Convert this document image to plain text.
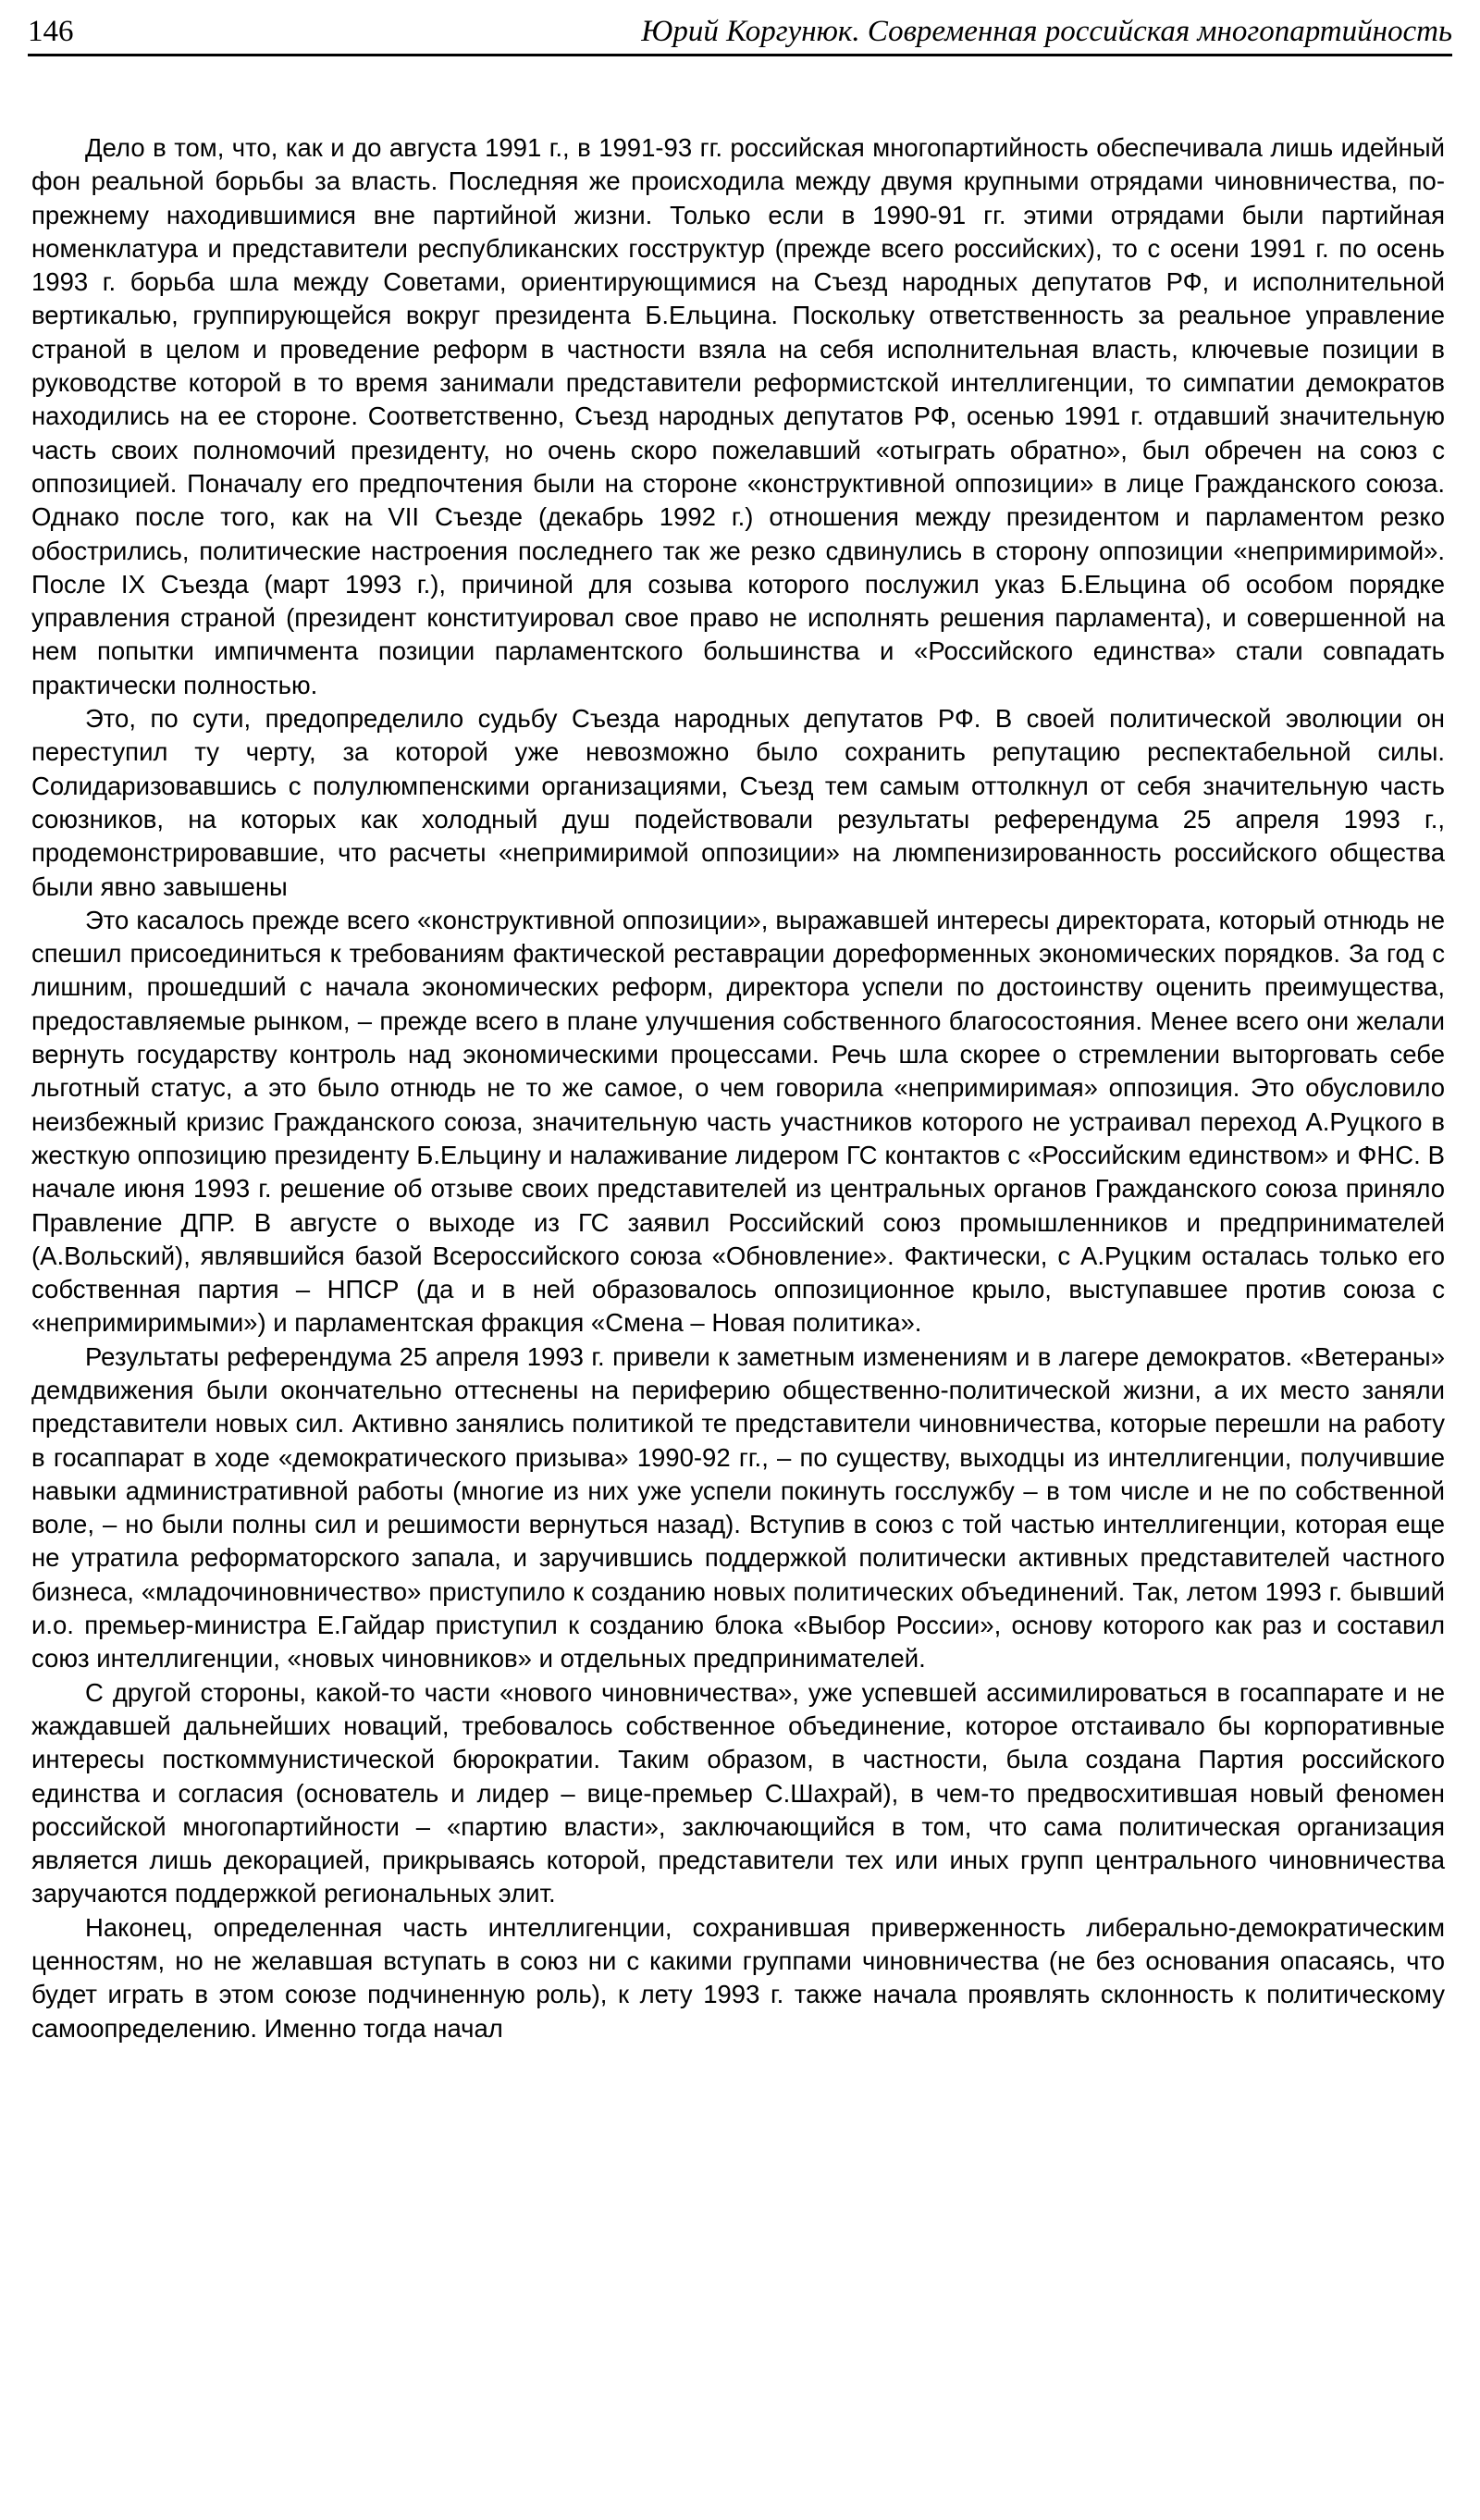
146	Юрий Коргунюк. Современная российская многопартийность

Дело в том, что, как и до августа 1991 г., в 1991-93 гг. российская многопартийность обеспечивала лишь идейный фон реальной борьбы за власть. Последняя же происходила между двумя крупными отрядами чиновничества, по-прежнему находившимися вне партийной жизни. Только если в 1990-91 гг. этими отрядами были партийная номенклатура и представители республиканских госструктур (прежде всего российских), то с осени 1991 г. по осень 1993 г. борьба шла между Советами, ориентирующимися на Съезд народных депутатов РФ, и исполнительной вертикалью, группирующейся вокруг президента Б.Ельцина. Поскольку ответственность за реальное управление страной в целом и проведение реформ в частности взяла на себя исполнительная власть, ключевые позиции в руководстве которой в то время занимали представители реформистской интеллигенции, то симпатии демократов находились на ее стороне. Соответственно, Съезд народных депутатов РФ, осенью 1991 г. отдавший значительную часть своих полномочий президенту, но очень скоро пожелавший «отыграть обратно», был обречен на союз с оппозицией. Поначалу его предпочтения были на стороне «конструктивной оппозиции» в лице Гражданского союза. Однако после того, как на VII Съезде (декабрь 1992 г.) отношения между президентом и парламентом резко обострились, политические настроения последнего так же резко сдвинулись в сторону оппозиции «непримиримой». После IX Съезда (март 1993 г.), причиной для созыва которого послужил указ Б.Ельцина об особом порядке управления страной (президент конституировал свое право не исполнять решения парламента), и совершенной на нем попытки импичмента позиции парламентского большинства и «Российского единства» стали совпадать практически полностью.

Это, по сути, предопределило судьбу Съезда народных депутатов РФ. В своей политической эволюции он переступил ту черту, за которой уже невозможно было сохранить репутацию респектабельной силы. Солидаризовавшись с полулюмпенскими организациями, Съезд тем самым оттолкнул от себя значительную часть союзников, на которых как холодный душ подействовали результаты референдума 25 апреля 1993 г., продемонстрировавшие, что расчеты «непримиримой оппозиции» на люмпенизированность российского общества были явно завышены

Это касалось прежде всего «конструктивной оппозиции», выражавшей интересы директората, который отнюдь не спешил присоединиться к требованиям фактической реставрации дореформенных экономических порядков. За год с лишним, прошедший с начала экономических реформ, директора успели по достоинству оценить преимущества, предоставляемые рынком, – прежде всего в плане улучшения собственного благосостояния. Менее всего они желали вернуть государству контроль над экономическими процессами. Речь шла скорее о стремлении выторговать себе льготный статус, а это было отнюдь не то же самое, о чем говорила «непримиримая» оппозиция. Это обусловило неизбежный кризис Гражданского союза, значительную часть участников которого не устраивал переход А.Руцкого в жесткую оппозицию президенту Б.Ельцину и налаживание лидером ГС контактов с «Российским единством» и ФНС. В начале июня 1993 г. решение об отзыве своих представителей из центральных органов Гражданского союза приняло Правление ДПР. В августе о выходе из ГС заявил Российский союз промышленников и предпринимателей (А.Вольский), являвшийся базой Всероссийского союза «Обновление». Фактически, с А.Руцким осталась только его собственная партия – НПСР (да и в ней образовалось оппозиционное крыло, выступавшее против союза с «непримиримыми») и парламентская фракция «Смена – Новая политика».

Результаты референдума 25 апреля 1993 г. привели к заметным изменениям и в лагере демократов. «Ветераны» демдвижения были окончательно оттеснены на периферию общественно-политической жизни, а их место заняли представители новых сил. Активно занялись политикой те представители чиновничества, которые перешли на работу в госаппарат в ходе «демократического призыва» 1990-92 гг., – по существу, выходцы из интеллигенции, получившие навыки административной работы (многие из них уже успели покинуть госслужбу – в том числе и не по собственной воле, – но были полны сил и решимости вернуться назад). Вступив в союз с той частью интеллигенции, которая еще не утратила реформаторского запала, и заручившись поддержкой политически активных представителей частного бизнеса, «младочиновничество» приступило к созданию новых политических объединений. Так, летом 1993 г. бывший и.о. премьер-министра Е.Гайдар приступил к созданию блока «Выбор России», основу которого как раз и составил союз интеллигенции, «новых чиновников» и отдельных предпринимателей.

С другой стороны, какой-то части «нового чиновничества», уже успевшей ассимилироваться в госаппарате и не жаждавшей дальнейших новаций, требовалось собственное объединение, которое отстаивало бы корпоративные интересы посткоммунистической бюрократии. Таким образом, в частности, была создана Партия российского единства и согласия (основатель и лидер – вице-премьер С.Шахрай), в чем-то предвосхитившая новый феномен российской многопартийности – «партию власти», заключающийся в том, что сама политическая организация является лишь декорацией, прикрываясь которой, представители тех или иных групп центрального чиновничества заручаются поддержкой региональных элит.

Наконец, определенная часть интеллигенции, сохранившая приверженность либерально-демократическим ценностям, но не желавшая вступать в союз ни с какими группами чиновничества (не без основания опасаясь, что будет играть в этом союзе подчиненную роль), к лету 1993 г. также начала проявлять склонность к политическому самоопределению. Именно тогда начал
